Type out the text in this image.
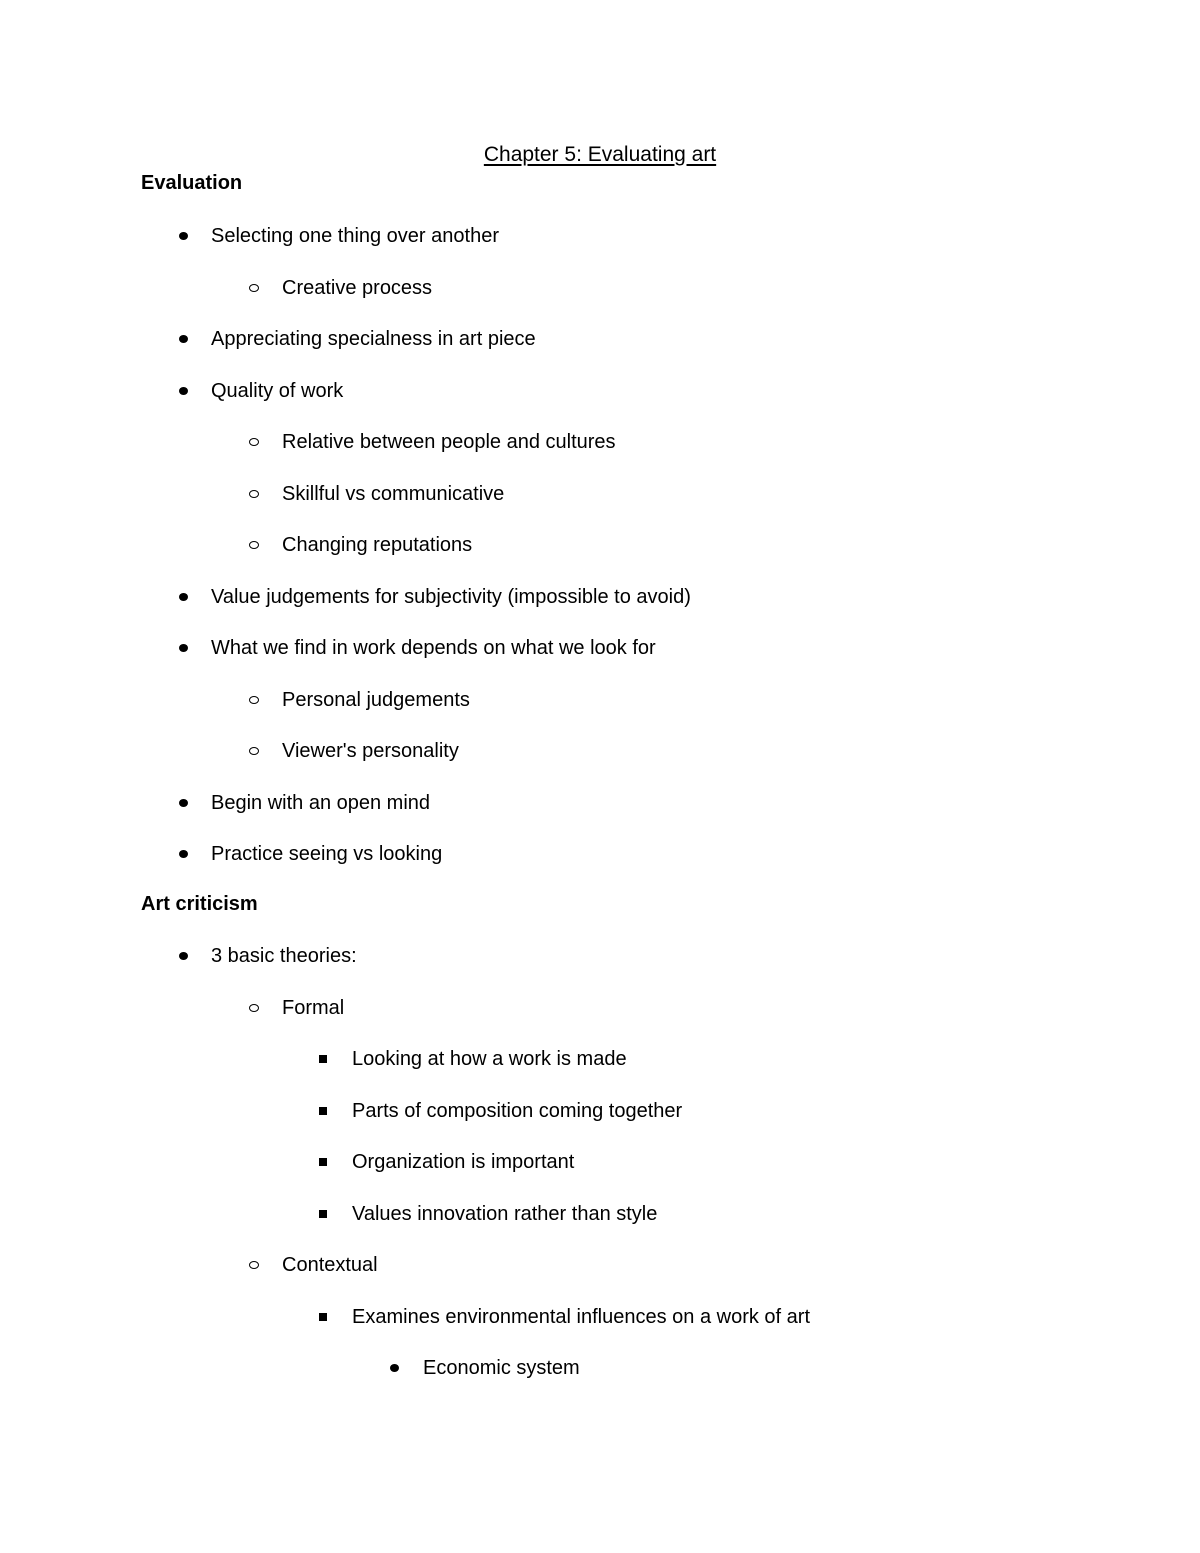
Chapter 5: Evaluating art
Evaluation
Selecting one thing over another
Creative process
Appreciating specialness in art piece
Quality of work
Relative between people and cultures
Skillful vs communicative
Changing reputations
Value judgements for subjectivity (impossible to avoid)
What we find in work depends on what we look for
Personal judgements
Viewer's personality
Begin with an open mind
Practice seeing vs looking
Art criticism
3 basic theories:
Formal
Looking at how a work is made
Parts of composition coming together
Organization is important
Values innovation rather than style
Contextual
Examines environmental influences on a work of art
Economic system
